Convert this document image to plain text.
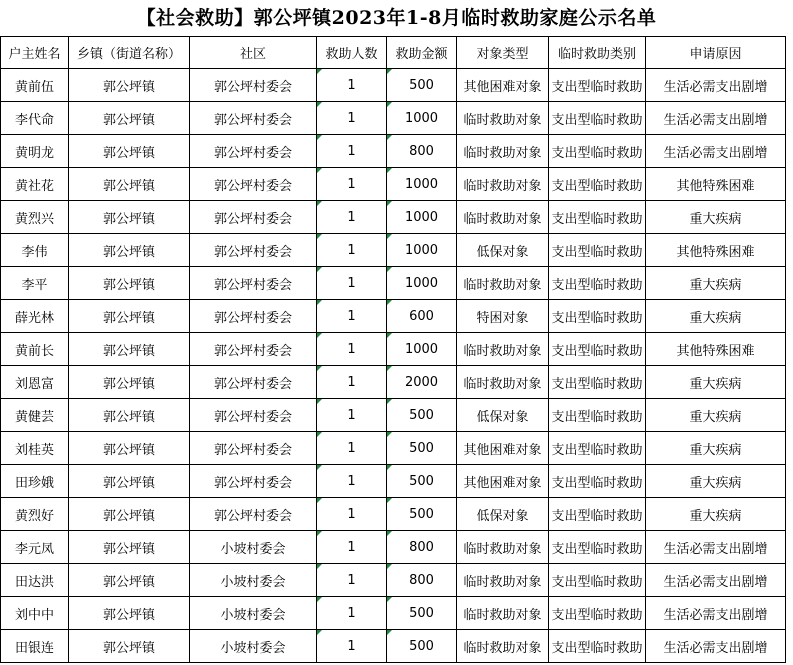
【社会救助】郭公坪镇2023年1-8月临时救助家庭公示名单
户主姓名	乡镇（街道名称）	社区	救助人数	救助金额	对象类型	临时救助类别	申请原因
黄前伍	郭公坪镇	郭公坪村委会	1	500	其他困难对象	支出型临时救助	生活必需支出剧增
李代命	郭公坪镇	郭公坪村委会	1	1000	临时救助对象	支出型临时救助	生活必需支出剧增
黄明龙	郭公坪镇	郭公坪村委会	1	800	临时救助对象	支出型临时救助	生活必需支出剧增
黄社花	郭公坪镇	郭公坪村委会	1	1000	临时救助对象	支出型临时救助	其他特殊困难
黄烈兴	郭公坪镇	郭公坪村委会	1	1000	临时救助对象	支出型临时救助	重大疾病
李伟	郭公坪镇	郭公坪村委会	1	1000	低保对象	支出型临时救助	其他特殊困难
李平	郭公坪镇	郭公坪村委会	1	1000	临时救助对象	支出型临时救助	重大疾病
薛光林	郭公坪镇	郭公坪村委会	1	600	特困对象	支出型临时救助	重大疾病
黄前长	郭公坪镇	郭公坪村委会	1	1000	临时救助对象	支出型临时救助	其他特殊困难
刘恩富	郭公坪镇	郭公坪村委会	1	2000	临时救助对象	支出型临时救助	重大疾病
黄健芸	郭公坪镇	郭公坪村委会	1	500	低保对象	支出型临时救助	重大疾病
刘桂英	郭公坪镇	郭公坪村委会	1	500	其他困难对象	支出型临时救助	重大疾病
田珍娥	郭公坪镇	郭公坪村委会	1	500	其他困难对象	支出型临时救助	重大疾病
黄烈好	郭公坪镇	郭公坪村委会	1	500	低保对象	支出型临时救助	重大疾病
李元凤	郭公坪镇	小坡村委会	1	800	临时救助对象	支出型临时救助	生活必需支出剧增
田达洪	郭公坪镇	小坡村委会	1	800	临时救助对象	支出型临时救助	生活必需支出剧增
刘中中	郭公坪镇	小坡村委会	1	500	临时救助对象	支出型临时救助	生活必需支出剧增
田银连	郭公坪镇	小坡村委会	1	500	临时救助对象	支出型临时救助	生活必需支出剧增
